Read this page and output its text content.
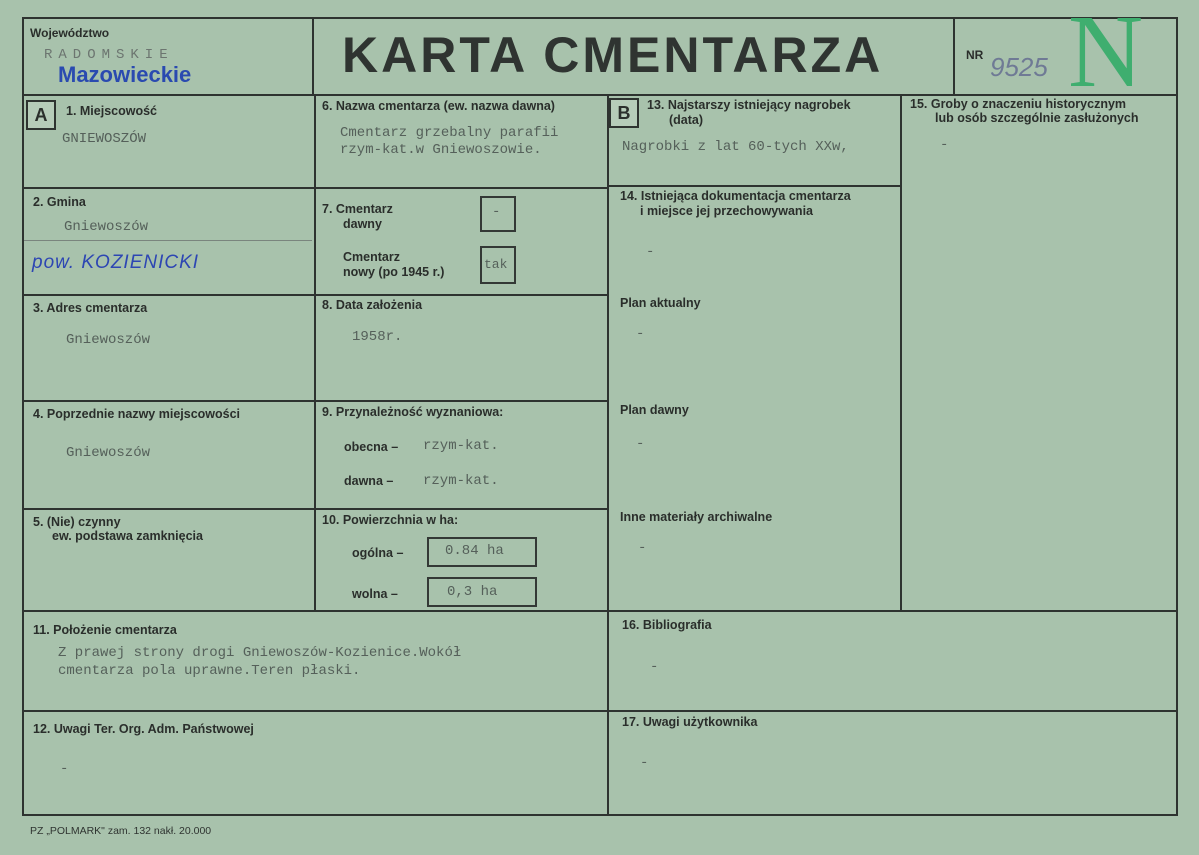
Województwo
RADOMSKIE
Mazowieckie	KARTA CMENTARZA	NR 9525 N
A	B
1. Miejscowość
GNIEWOSZÓW
2. Gmina
Gniewoszów
pow. KOZIENICKI
3. Adres cmentarza
Gniewoszów
4. Poprzednie nazwy miejscowości
Gniewoszów
5. (Nie) czynny
ew. podstawa zamknięcia
6. Nazwa cmentarza (ew. nazwa dawna)
Cmentarz grzebalny parafii
rzym-kat.w Gniewoszowie.
7. Cmentarz
dawny
-
Cmentarz
nowy (po 1945 r.)	tak
8. Data założenia
1958r.
9. Przynależność wyznaniowa:
obecna – rzym-kat.
dawna – rzym-kat.
10. Powierzchnia w ha:
ogólna –	0.84 ha
wolna –	0,3 ha
11. Położenie cmentarza
Z prawej strony drogi Gniewoszów-Kozienice.Wokół
cmentarza pola uprawne.Teren płaski.
12. Uwagi Ter. Org. Adm. Państwowej
-
13. Najstarszy istniejący nagrobek
(data)
Nagrobki z lat 60-tych XXw,
14. Istniejąca dokumentacja cmentarza
i miejsce jej przechowywania
-
Plan aktualny
-
Plan dawny
-
Inne materiały archiwalne
-
15. Groby o znaczeniu historycznym
lub osób szczególnie zasłużonych
-
16. Bibliografia
-
17. Uwagi użytkownika
-
PZ „POLMARK" zam. 132 nakł. 20.000
